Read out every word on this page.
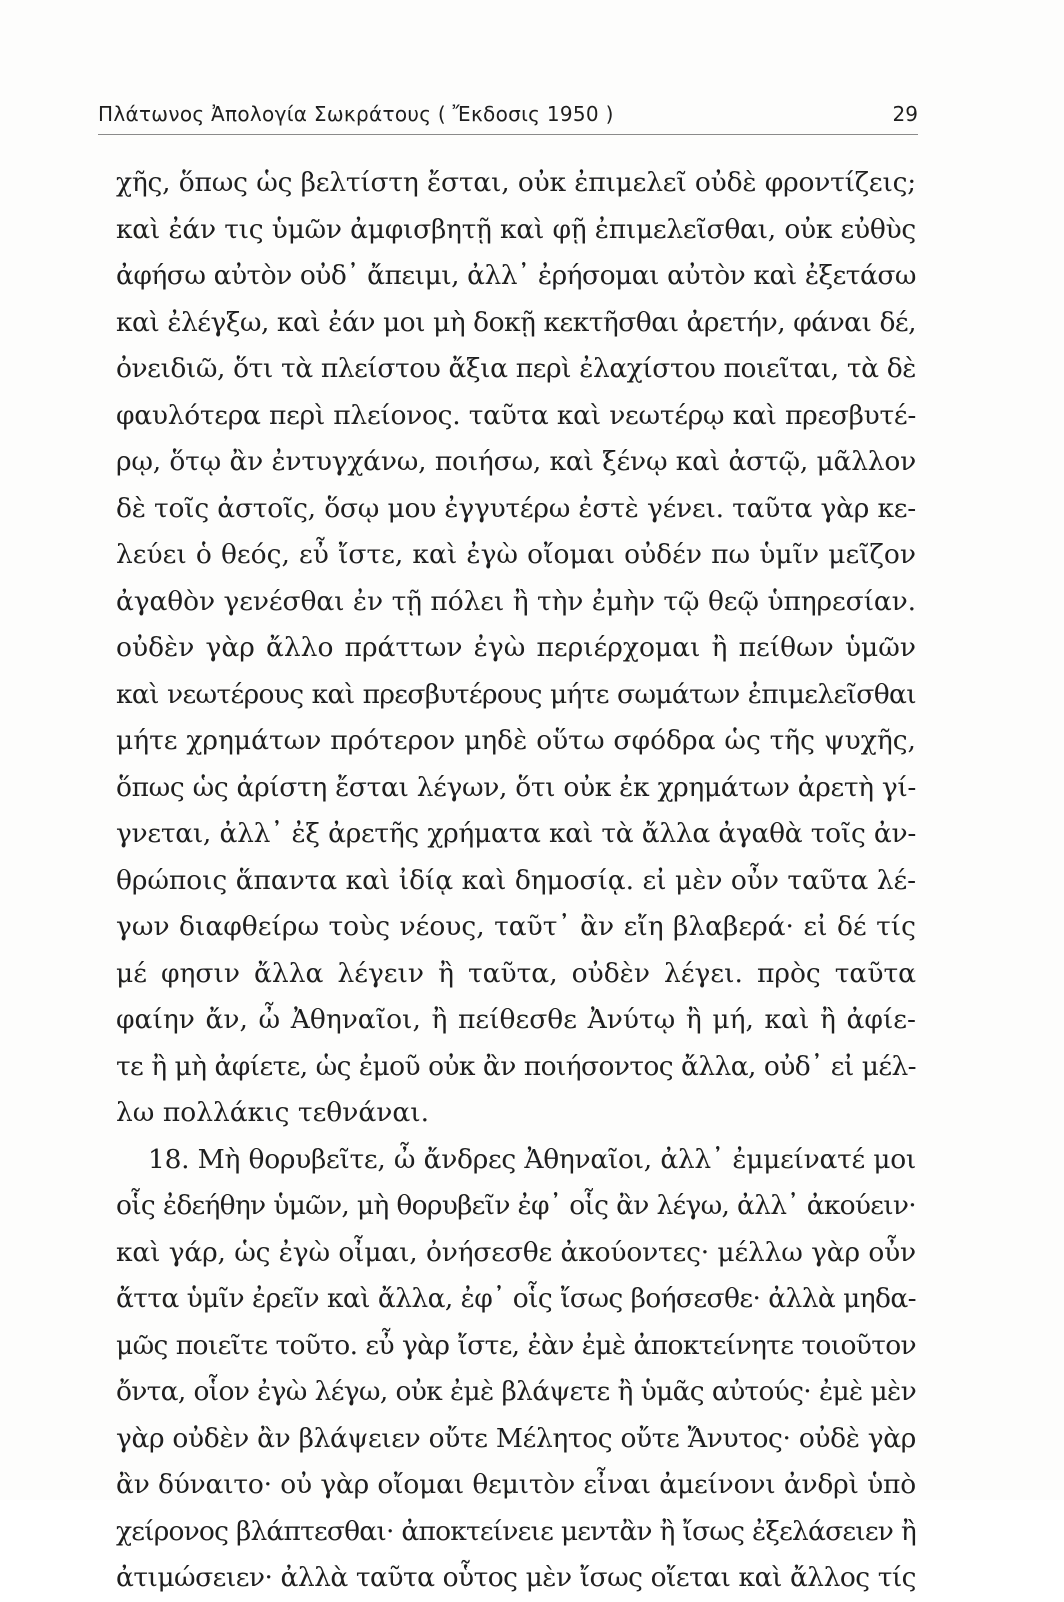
Πλάτωνος Ἀπολογία Σωκράτους ( Ἔκδοσις 1950 )	29
χῆς, ὅπως ὡς βελτίστη ἔσται, οὐκ ἐπιμελεῖ οὐδὲ φροντίζεις;
καὶ ἐάν τις ὑμῶν ἀμφισβητῇ καὶ φῇ ἐπιμελεῖσθαι, οὐκ εὐθὺς
ἀφήσω αὐτὸν οὐδ᾽ ἄπειμι, ἀλλ᾽ ἐρήσομαι αὐτὸν καὶ ἐξετάσω
καὶ ἐλέγξω, καὶ ἐάν μοι μὴ δοκῇ κεκτῆσθαι ἀρετήν, φάναι δέ,
ὀνειδιῶ, ὅτι τὰ πλείστου ἄξια περὶ ἐλαχίστου ποιεῖται, τὰ δὲ
φαυλότερα περὶ πλείονος. ταῦτα καὶ νεωτέρῳ καὶ πρεσβυτέ-
ρῳ, ὅτῳ ἂν ἐντυγχάνω, ποιήσω, καὶ ξένῳ καὶ ἀστῷ, μᾶλλον
δὲ τοῖς ἀστοῖς, ὅσῳ μου ἐγγυτέρω ἐστὲ γένει. ταῦτα γὰρ κε-
λεύει ὁ θεός, εὖ ἴστε, καὶ ἐγὼ οἴομαι οὐδέν πω ὑμῖν μεῖζον
ἀγαθὸν γενέσθαι ἐν τῇ πόλει ἢ τὴν ἐμὴν τῷ θεῷ ὑπηρεσίαν.
οὐδὲν γὰρ ἄλλο πράττων ἐγὼ περιέρχομαι ἢ πείθων ὑμῶν
καὶ νεωτέρους καὶ πρεσβυτέρους μήτε σωμάτων ἐπιμελεῖσθαι
μήτε χρημάτων πρότερον μηδὲ οὕτω σφόδρα ὡς τῆς ψυχῆς,
ὅπως ὡς ἀρίστη ἔσται λέγων, ὅτι οὐκ ἐκ χρημάτων ἀρετὴ γί-
γνεται, ἀλλ᾽ ἐξ ἀρετῆς χρήματα καὶ τὰ ἄλλα ἀγαθὰ τοῖς ἀν-
θρώποις ἅπαντα καὶ ἰδίᾳ καὶ δημοσίᾳ. εἰ μὲν οὖν ταῦτα λέ-
γων διαφθείρω τοὺς νέους, ταῦτ᾽ ἂν εἴη βλαβερά· εἰ δέ τίς
μέ φησιν ἄλλα λέγειν ἢ ταῦτα, οὐδὲν λέγει. πρὸς ταῦτα
φαίην ἄν, ὦ Ἀθηναῖοι, ἢ πείθεσθε Ἀνύτῳ ἢ μή, καὶ ἢ ἀφίε-
τε ἢ μὴ ἀφίετε, ὡς ἐμοῦ οὐκ ἂν ποιήσοντος ἄλλα, οὐδ᾽ εἰ μέλ-
λω πολλάκις τεθνάναι.
18. Μὴ θορυβεῖτε, ὦ ἄνδρες Ἀθηναῖοι, ἀλλ᾽ ἐμμείνατέ μοι
οἷς ἐδεήθην ὑμῶν, μὴ θορυβεῖν ἐφ᾽ οἷς ἂν λέγω, ἀλλ᾽ ἀκούειν·
καὶ γάρ, ὡς ἐγὼ οἶμαι, ὀνήσεσθε ἀκούοντες· μέλλω γὰρ οὖν
ἄττα ὑμῖν ἐρεῖν καὶ ἄλλα, ἐφ᾽ οἷς ἴσως βοήσεσθε· ἀλλὰ μηδα-
μῶς ποιεῖτε τοῦτο. εὖ γὰρ ἴστε, ἐὰν ἐμὲ ἀποκτείνητε τοιοῦτον
ὄντα, οἷον ἐγὼ λέγω, οὐκ ἐμὲ βλάψετε ἢ ὑμᾶς αὐτούς· ἐμὲ μὲν
γὰρ οὐδὲν ἂν βλάψειεν οὔτε Μέλητος οὔτε Ἄνυτος· οὐδὲ γὰρ
ἂν δύναιτο· οὐ γὰρ οἴομαι θεμιτὸν εἶναι ἀμείνονι ἀνδρὶ ὑπὸ
χείρονος βλάπτεσθαι· ἀποκτείνειε μεντἂν ἢ ἴσως ἐξελάσειεν ἢ
ἀτιμώσειεν· ἀλλὰ ταῦτα οὗτος μὲν ἴσως οἴεται καὶ ἄλλος τίς
